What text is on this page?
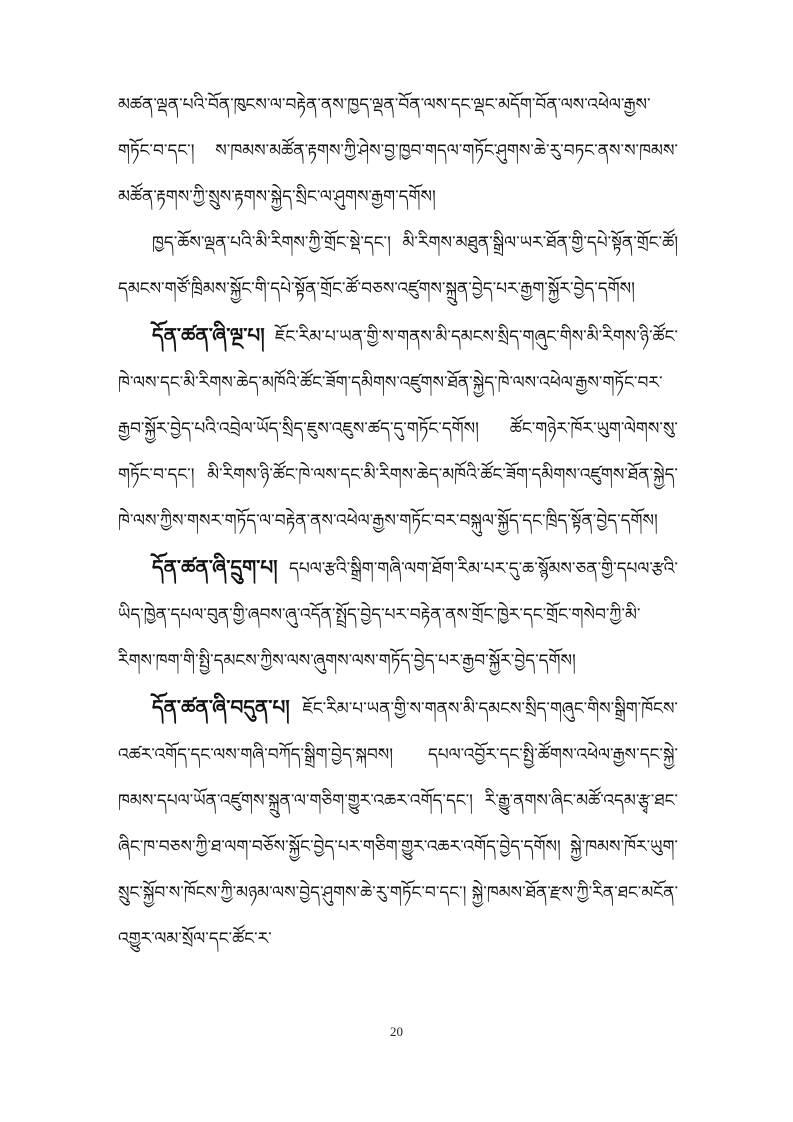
མཚན་ལྡན་པའི་བོན་ཁུངས་ལ་བརྟེན་ནས་ཁྱད་ལྡན་བོན་ལས་དང་ལྡང་མདོག་བོན་ལས་འཕེལ་རྒྱས་གཏོང་བ་དང་། ས་ཁམས་མཚོན་རྟགས་ཀྱི་ཤེས་བྱ་ཁྱབ་གདལ་གཏོང་ཤུགས་ཆེ་རུ་བཏང་ནས་ས་ཁམས་མཚོན་རྟགས་ཀྱི་སྲུས་རྟགས་སྐྱེད་སྲིང་ལ་ཤུགས་རྒྱག་དགོས།

ཁྱད་ཆོས་ལྡན་པའི་མི་རིགས་ཀྱི་གྲོང་སྡེ་དང་། མི་རིགས་མཐུན་སྒྲིལ་ཡར་ཐོན་གྱི་དཔེ་སྟོན་གྲོང་ཚོ། དམངས་གཙོ་ཁྲིམས་སྐྱོང་གི་དཔེ་སྟོན་གྲོང་ཚོ་བཅས་འཛུགས་སྐྲུན་བྱེད་པར་རྒྱག་སྐྱོར་བྱེད་དགོས།

དོན་ཚན་ཞི་ལྔ་པ། ཇོང་རིམ་པ་ཡན་གྱི་ས་གནས་མི་དམངས་སྲིད་གཞུང་གིས་མི་རིགས་ཉི་ཚོང་ཁེ་ལས་དང་མི་རིགས་ཆེད་མཁོའི་ཚོང་ཟོག་དམིགས་འཛུགས་ཐོན་སྐྱེད་ཁེ་ལས་འཕེལ་རྒྱས་གཏོང་བར་རྒྱབ་སྐྱོར་བྱེད་པའི་འབྲེལ་ཡོད་སྲིད་ཇུས་འཇུས་ཚད་དུ་གཏོང་དགོས། ཚོང་གཉེར་ཁོར་ཡུག་ལེགས་སུ་གཏོང་བ་དང་། མི་རིགས་ཉི་ཚོང་ཁེ་ལས་དང་མི་རིགས་ཆེད་མཁོའི་ཚོང་ཟོག་དམིགས་འཛུགས་ཐོན་སྐྱེད་ཁེ་ལས་ཀྱིས་གསར་གཏོད་ལ་བརྟེན་ནས་འཕེལ་རྒྱས་གཏོང་བར་བསྐུལ་སྐྱོད་དང་ཁྲིད་སྟོན་བྱེད་དགོས།

དོན་ཚན་ཞི་དྲུག་པ། དཔལ་རྩའི་སྒྲིག་གཞི་ལག་ཐོག་རིམ་པར་དུ་ཆ་སྙོམས་ཅན་གྱི་དཔལ་རྩའི་ཡིད་ཁྱེན་དཔལ་བུན་གྱི་ཞབས་ཞུ་འདོན་སྤྲོད་བྱེད་པར་བརྟེན་ནས་གྲོང་ཁྱེར་དང་གྲོང་གསེབ་ཀྱི་མི་རིགས་ཁག་གི་སྤྱི་དམངས་ཀྱིས་ལས་ཞུགས་ལས་གཏོད་བྱེད་པར་རྒྱབ་སྐྱོར་བྱེད་དགོས།

དོན་ཚན་ཞི་བདུན་པ། ཇོང་རིམ་པ་ཡན་གྱི་ས་གནས་མི་དམངས་སྲིད་གཞུང་གིས་སྒྲིག་ཁོངས་འཚར་འགོད་དང་ལས་གཞི་བཀོད་སྒྲིག་བྱེད་སྐབས། དཔལ་འབྱོར་དང་སྤྱི་ཚོགས་འཕེལ་རྒྱས་དང་སྐྱེ་ཁམས་དཔལ་ཡོན་འཛུགས་སྐྲུན་ལ་གཅིག་གྱུར་འཆར་འགོད་དང་། རི་རྒྱུ་ནགས་ཞིང་མཚོ་འདམ་རྩྭ་ཐང་ཞིང་ཁ་བཅས་ཀྱི་ཐ་ལག་བཅོས་སྐྱོང་བྱེད་པར་གཅིག་གྱུར་འཆར་འགོད་བྱེད་དགོས། སྐྱེ་ཁམས་ཁོར་ཡུག་སྲུང་སྐྱོབ་ས་ཁོངས་ཀྱི་མཉམ་ལས་བྱེད་ཤུགས་ཆེ་རུ་གཏོང་བ་དང་། སྐྱེ་ཁམས་ཐོན་རྫས་ཀྱི་རིན་ཐང་མངོན་འགྱུར་ལམ་སྲོལ་དང་ཚོང་ར་

20
